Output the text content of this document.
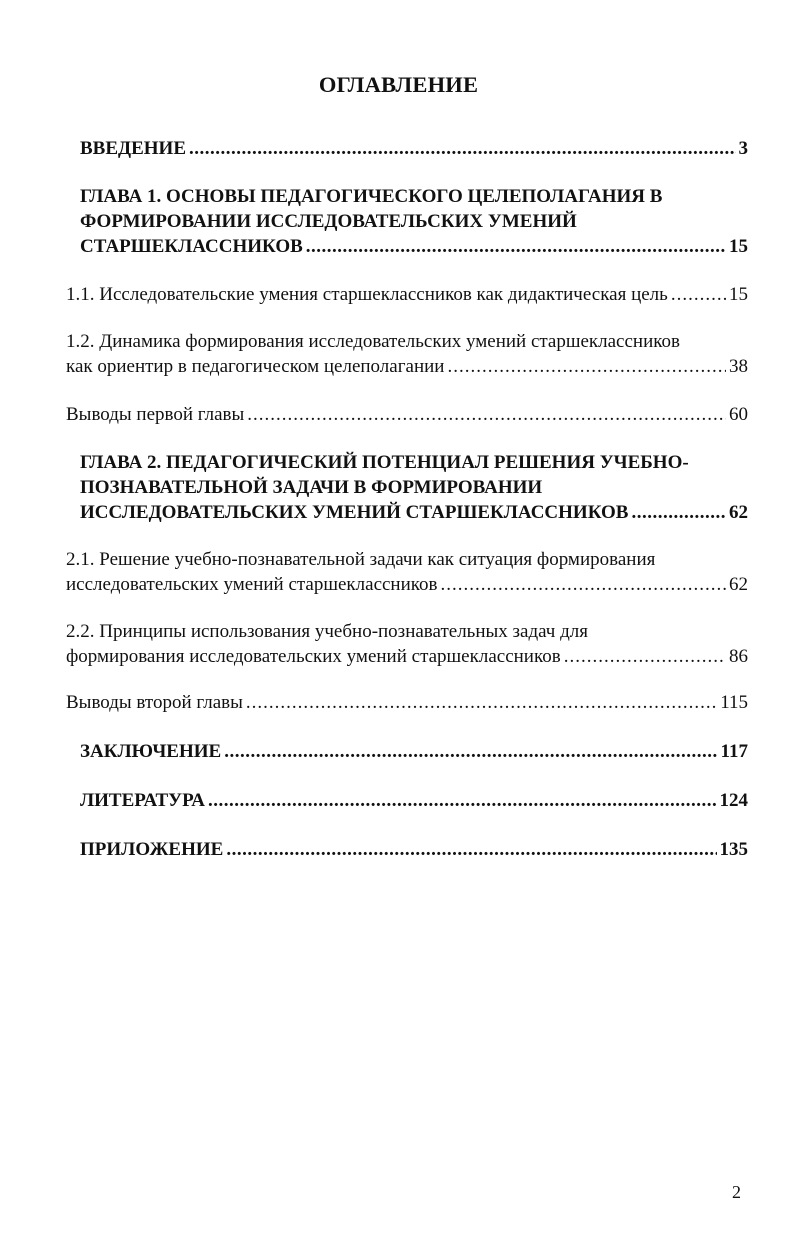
ОГЛАВЛЕНИЕ
ВВЕДЕНИЕ .....	3
ГЛАВА 1. ОСНОВЫ ПЕДАГОГИЧЕСКОГО ЦЕЛЕПОЛАГАНИЯ В
ФОРМИРОВАНИИ ИССЛЕДОВАТЕЛЬСКИХ УМЕНИЙ
СТАРШЕКЛАССНИКОВ .....	15
1.1. Исследовательские умения старшеклассников как дидактическая цель .....	15
1.2. Динамика формирования исследовательских умений старшеклассников
как ориентир в педагогическом целеполагании .....	38
Выводы первой главы .....	60
ГЛАВА 2. ПЕДАГОГИЧЕСКИЙ ПОТЕНЦИАЛ РЕШЕНИЯ УЧЕБНО-
ПОЗНАВАТЕЛЬНОЙ ЗАДАЧИ В ФОРМИРОВАНИИ
ИССЛЕДОВАТЕЛЬСКИХ УМЕНИЙ СТАРШЕКЛАССНИКОВ .....	62
2.1. Решение учебно-познавательной задачи как ситуация формирования
исследовательских умений старшеклассников .....	62
2.2. Принципы использования учебно-познавательных задач для
формирования исследовательских умений старшеклассников .....	86
Выводы второй главы .....	115
ЗАКЛЮЧЕНИЕ .....	117
ЛИТЕРАТУРА .....	124
ПРИЛОЖЕНИЕ .....	135
2
